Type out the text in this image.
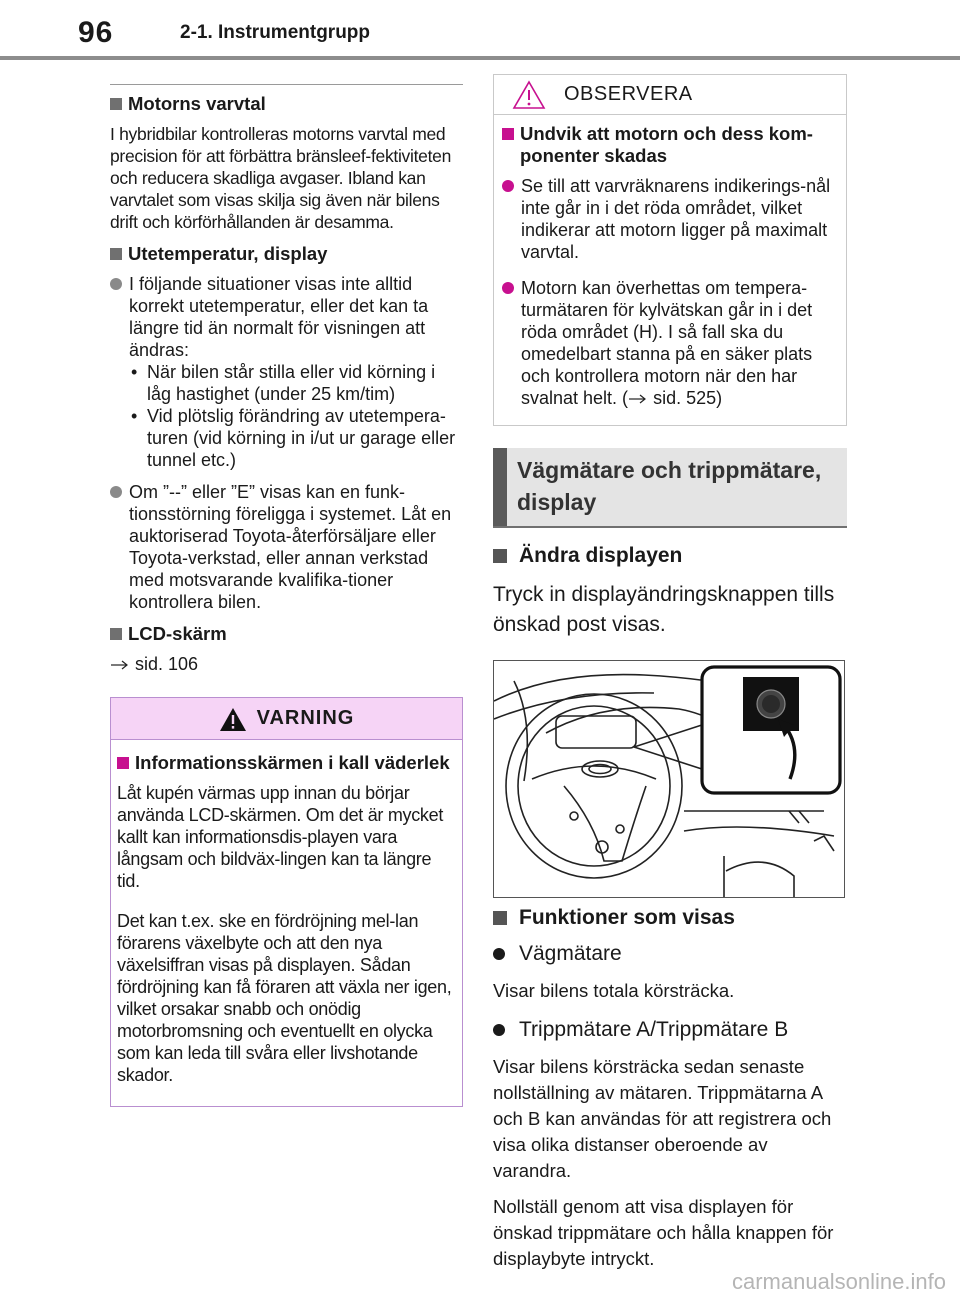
96	2-1. Instrumentgrupp
Motorns varvtal

I hybridbilar kontrolleras motorns varvtal med precision för att förbättra bränsleef-fektiviteten och reducera skadliga avgaser. Ibland kan varvtalet som visas skilja sig även när bilens drift och körförhållanden är desamma.

Utetemperatur, display
I följande situationer visas inte alltid korrekt utetemperatur, eller det kan ta längre tid än normalt för visningen att ändras:
• När bilen står stilla eller vid körning i låg hastighet (under 25 km/tim)
• Vid plötslig förändring av utetempera-turen (vid körning in i/ut ur garage eller tunnel etc.)
Om ”--” eller ”E” visas kan en funk-tionsstörning föreligga i systemet. Låt en auktoriserad Toyota-återförsäljare eller Toyota-verkstad, eller annan verkstad med motsvarande kvalifika-tioner kontrollera bilen.
LCD-skärm
sid. 106
VARNING
Informationsskärmen i kall väderlek

Låt kupén värmas upp innan du börjar använda LCD-skärmen. Om det är mycket kallt kan informationsdis-playen vara långsam och bildväx-lingen kan ta längre tid.

Det kan t.ex. ske en fördröjning mel-lan förarens växelbyte och att den nya växelsiffran visas på displayen. Sådan fördröjning kan få föraren att växla ner igen, vilket orsakar snabb och onödig motorbromsning och eventuellt en olycka som kan leda till svåra eller livshotande skador.

OBSERVERA
Undvik att motorn och dess kom-ponenter skadas
Se till att varvräknarens indikerings-nål inte går in i det röda området, vilket indikerar att motorn ligger på maximalt varvtal.
Motorn kan överhettas om tempera-turmätaren för kylvätskan går in i det röda området (H). I så fall ska du omedelbart stanna på en säker plats och kontrollera motorn när den har svalnat helt. ( sid. 525)
Vägmätare och trippmätare, display
Ändra displayen

Tryck in displayändringsknappen tills önskad post visas.

Funktioner som visas
Vägmätare

Visar bilens totala körsträcka.

Trippmätare A/Trippmätare B

Visar bilens körsträcka sedan senaste nollställning av mätaren. Trippmätarna A och B kan användas för att registrera och visa olika distanser oberoende av varandra.

Nollställ genom att visa displayen för önskad trippmätare och hålla knappen för displaybyte intryckt.

carmanualsonline.info
